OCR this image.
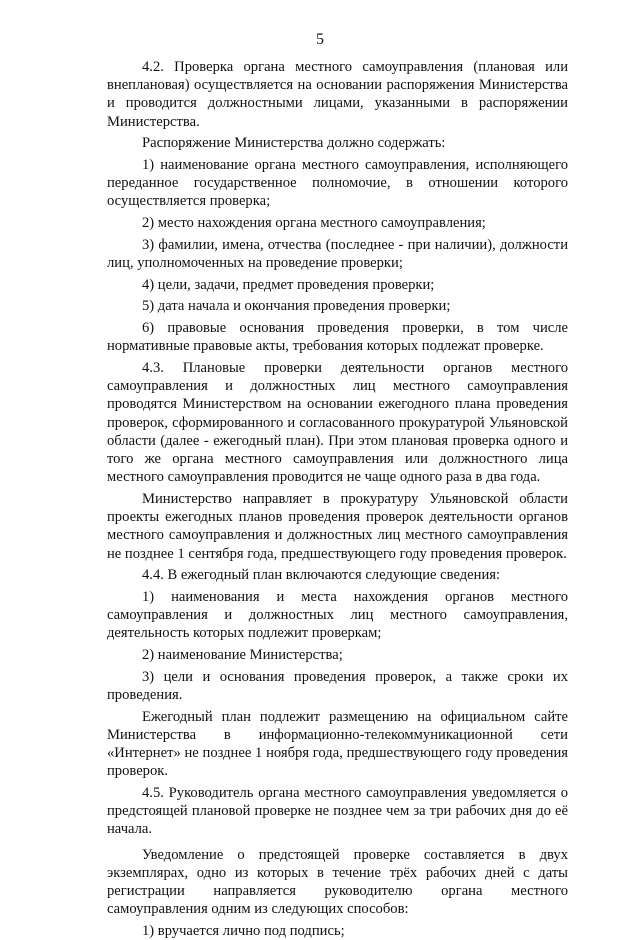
5

4.2. Проверка органа местного самоуправления (плановая или внеплановая) осуществляется на основании распоряжения Министерства и проводится должностными лицами, указанными в распоряжении Министерства.

Распоряжение Министерства должно содержать:

1) наименование органа местного самоуправления, исполняющего переданное государственное полномочие, в отношении которого осуществляется проверка;

2) место нахождения органа местного самоуправления;

3) фамилии, имена, отчества (последнее - при наличии), должности лиц, уполномоченных на проведение проверки;

4) цели, задачи, предмет проведения проверки;

5) дата начала и окончания проведения проверки;

6) правовые основания проведения проверки, в том числе нормативные правовые акты, требования которых подлежат проверке.

4.3. Плановые проверки деятельности органов местного самоуправления и должностных лиц местного самоуправления проводятся Министерством на основании ежегодного плана проведения проверок, сформированного и согласованного прокуратурой Ульяновской области (далее - ежегодный план). При этом плановая проверка одного и того же органа местного самоуправления или должностного лица местного самоуправления проводится не чаще одного раза в два года.

Министерство направляет в прокуратуру Ульяновской области проекты ежегодных планов проведения проверок деятельности органов местного самоуправления и должностных лиц местного самоуправления не позднее 1 сентября года, предшествующего году проведения проверок.

4.4. В ежегодный план включаются следующие сведения:

1) наименования и места нахождения органов местного самоуправления и должностных лиц местного самоуправления, деятельность которых подлежит проверкам;

2) наименование Министерства;

3) цели и основания проведения проверок, а также сроки их проведения.

Ежегодный план подлежит размещению на официальном сайте Министерства в информационно-телекоммуникационной сети «Интернет» не позднее 1 ноября года, предшествующего году проведения проверок.

4.5. Руководитель органа местного самоуправления уведомляется о предстоящей плановой проверке не позднее чем за три рабочих дня до её начала.

Уведомление о предстоящей проверке составляется в двух экземплярах, одно из которых в течение трёх рабочих дней с даты регистрации направляется руководителю органа местного самоуправления одним из следующих способов:

1) вручается лично под подпись;
